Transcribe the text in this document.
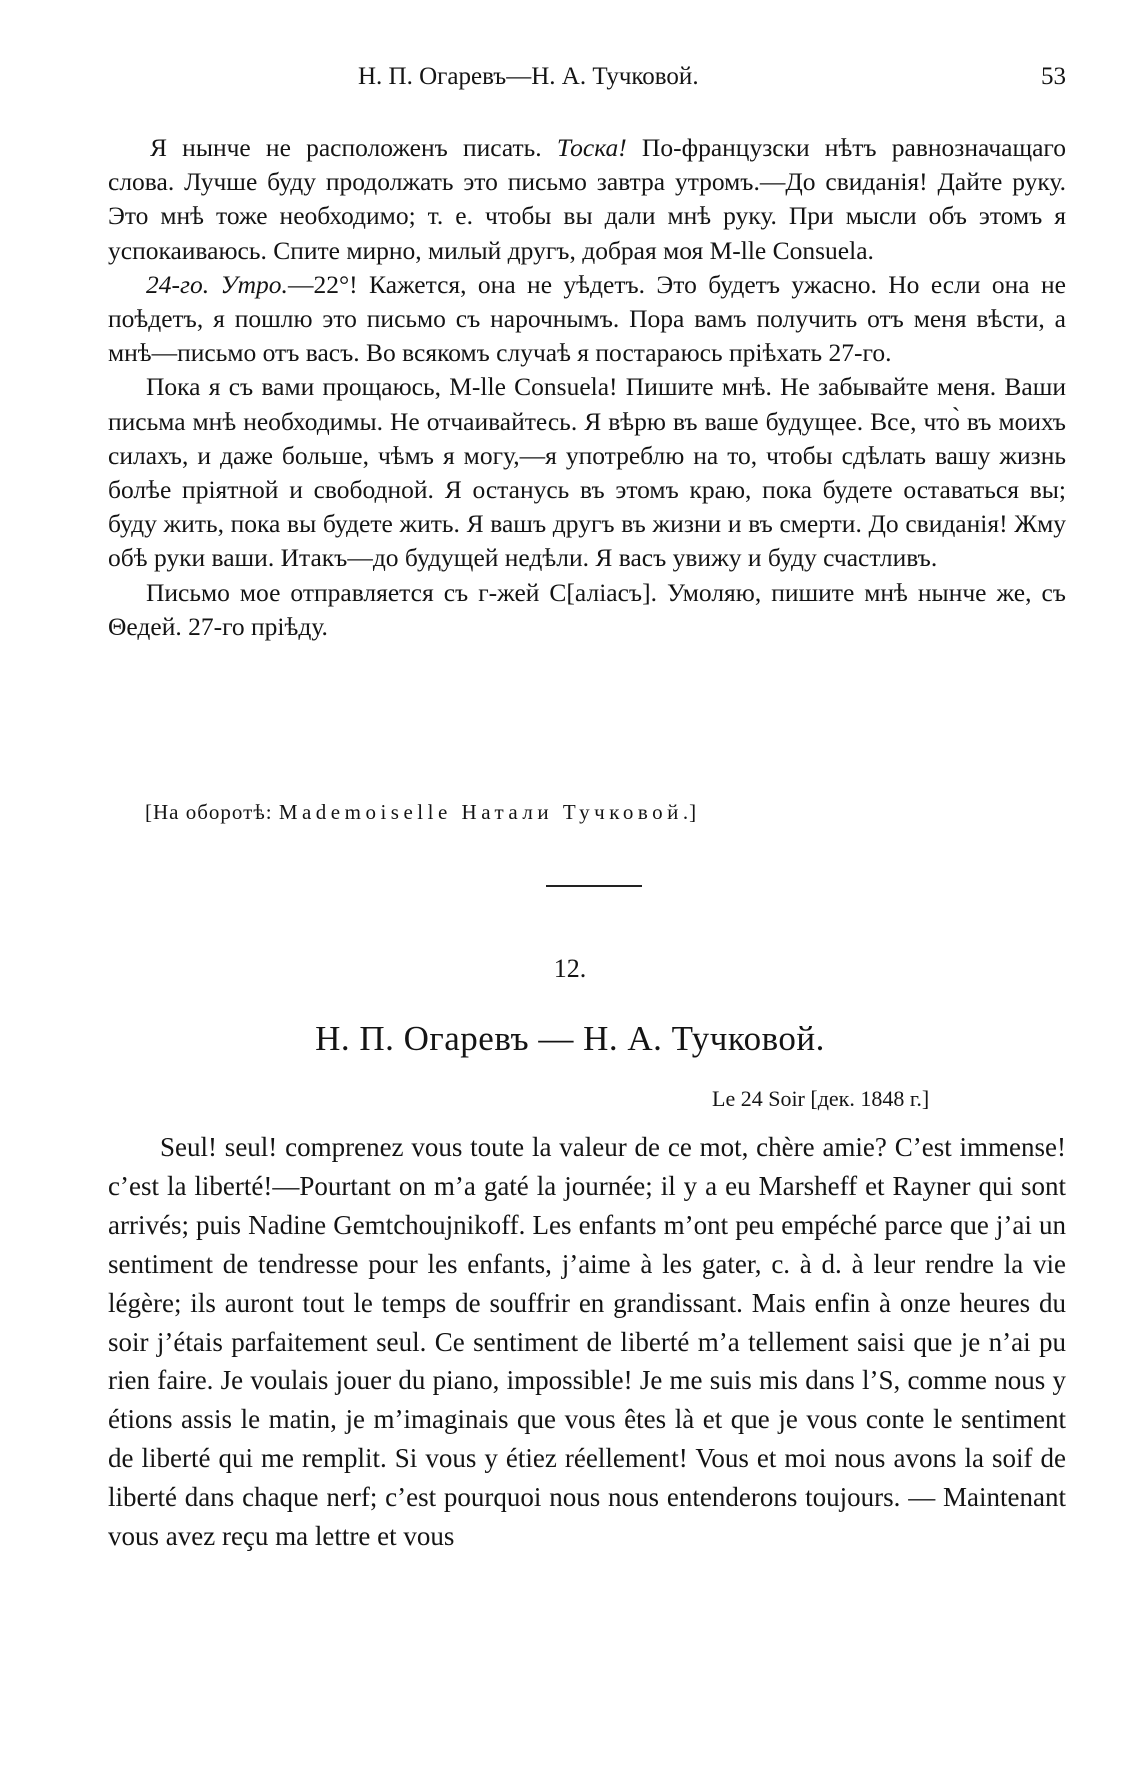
Н. П. Огаревъ—Н. А. Тучковой.	53

Я нынче не расположенъ писать. Тоска! По-французски нѣтъ равнозначащаго слова. Лучше буду продолжать это письмо завтра утромъ.—До свиданія! Дайте руку. Это мнѣ тоже необходимо; т. е. чтобы вы дали мнѣ руку. При мысли объ этомъ я успокаиваюсь. Спите мирно, милый другъ, добрая моя M-lle Consuela.

24-го. Утро.—22°! Кажется, она не уѣдетъ. Это будетъ ужасно. Но если она не поѣдетъ, я пошлю это письмо съ нарочнымъ. Пора вамъ получить отъ меня вѣсти, а мнѣ—письмо отъ васъ. Во всякомъ случаѣ я постараюсь пріѣхать 27-го.

Пока я съ вами прощаюсь, M-lle Consuela! Пишите мнѣ. Не забывайте меня. Ваши письма мнѣ необходимы. Не отчаивайтесь. Я вѣрю въ ваше будущее. Все, что̀ въ моихъ силахъ, и даже больше, чѣмъ я могу,—я употреблю на то, чтобы сдѣлать вашу жизнь болѣе пріятной и свободной. Я останусь въ этомъ краю, пока будете оставаться вы; буду жить, пока вы будете жить. Я вашъ другъ въ жизни и въ смерти. До свиданія! Жму обѣ руки ваши. Итакъ—до будущей недѣли. Я васъ увижу и буду счастливъ.

Письмо мое отправляется съ г-жей С[аліасъ]. Умоляю, пишите мнѣ нынче же, съ Θедей. 27-го пріѣду.

[На оборотѣ: Mademoiselle Натали Тучковой.]
12.
Н. П. Огаревъ — Н. А. Тучковой.
Le 24 Soir [дек. 1848 г.]

Seul! seul! comprenez vous toute la valeur de ce mot, chère amie? C’est immense! c’est la liberté!—Pourtant on m’a gaté la journée; il y a eu Marsheff et Rayner qui sont arrivés; puis Nadine Gemtchoujnikoff. Les enfants m’ont peu empéché parce que j’ai un sentiment de tendresse pour les enfants, j’aime à les gater, c. à d. à leur rendre la vie légère; ils auront tout le temps de souffrir en grandissant. Mais enfin à onze heures du soir j’étais parfaitement seul. Ce sentiment de liberté m’a tellement saisi que je n’ai pu rien faire. Je voulais jouer du piano, impossible! Je me suis mis dans l’S, comme nous y étions assis le matin, je m’imaginais que vous êtes là et que je vous conte le sentiment de liberté qui me remplit. Si vous y étiez réellement! Vous et moi nous avons la soif de liberté dans chaque nerf; c’est pourquoi nous nous entenderons toujours. — Maintenant vous avez reçu ma lettre et vous
